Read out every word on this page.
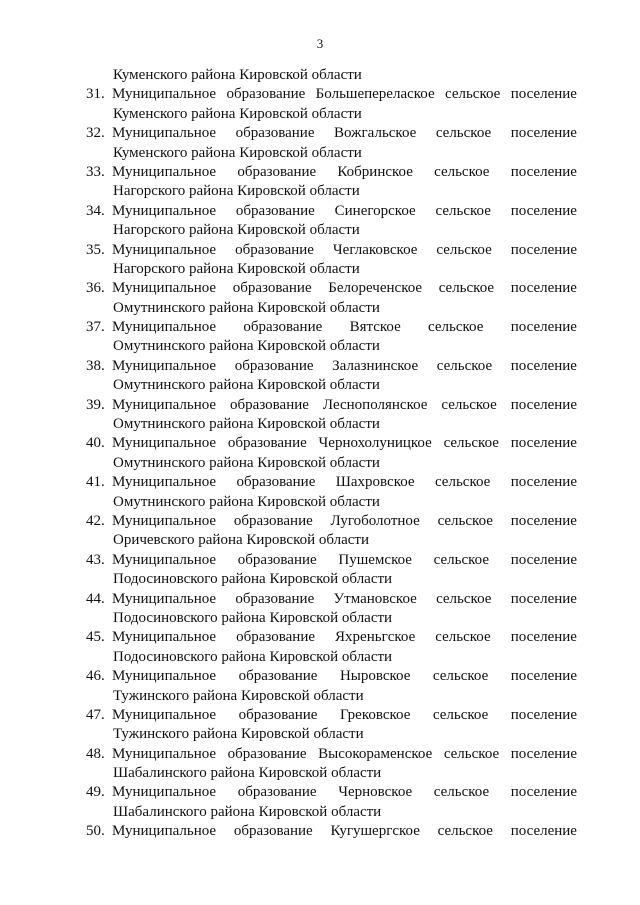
3
Куменского района Кировской области
31. Муниципальное образование Большеперелаское сельское поселение
Куменского района Кировской области
32. Муниципальное образование Вожгальское сельское поселение
Куменского района Кировской области
33. Муниципальное образование Кобринское сельское поселение
Нагорского района Кировской области
34. Муниципальное образование Синегорское сельское поселение
Нагорского района Кировской области
35. Муниципальное образование Чеглаковское сельское поселение
Нагорского района Кировской области
36. Муниципальное образование Белореченское сельское поселение
Омутнинского района Кировской области
37. Муниципальное образование Вятское сельское поселение
Омутнинского района Кировской области
38. Муниципальное образование Залазнинское сельское поселение
Омутнинского района Кировской области
39. Муниципальное образование Леснополянское сельское поселение
Омутнинского района Кировской области
40. Муниципальное образование Чернохолуницкое сельское поселение
Омутнинского района Кировской области
41. Муниципальное образование Шахровское сельское поселение
Омутнинского района Кировской области
42. Муниципальное образование Лугоболотное сельское поселение
Оричевского района Кировской области
43. Муниципальное образование Пушемское сельское поселение
Подосиновского района Кировской области
44. Муниципальное образование Утмановское сельское поселение
Подосиновского района Кировской области
45. Муниципальное образование Яхреньгское сельское поселение
Подосиновского района Кировской области
46. Муниципальное образование Ныровское сельское поселение
Тужинского района Кировской области
47. Муниципальное образование Грековское сельское поселение
Тужинского района Кировской области
48. Муниципальное образование Высокораменское сельское поселение
Шабалинского района Кировской области
49. Муниципальное образование Черновское сельское поселение
Шабалинского района Кировской области
50. Муниципальное образование Кугушергское сельское поселение
